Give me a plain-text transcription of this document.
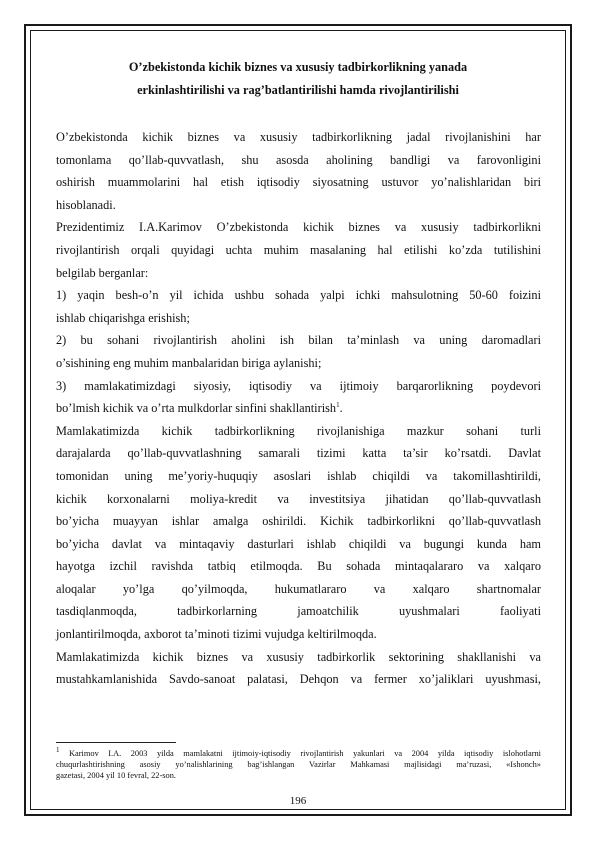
O’zbekistonda kichik biznes va xususiy tadbirkorlikning yanada
erkinlashtirilishi va rag’batlantirilishi hamda rivojlantirilishi
O’zbekistonda kichik biznes va xususiy tadbirkorlikning jadal rivojlanishini har
tomonlama qo’llab-quvvatlash, shu asosda aholining bandligi va farovonligini
oshirish muammolarini hal etish iqtisodiy siyosatning ustuvor yo’nalishlaridan biri
hisoblanadi.
Prezidentimiz I.A.Karimov O’zbekistonda kichik biznes va xususiy tadbirkorlikni
rivojlantirish orqali quyidagi uchta muhim masalaning hal etilishi ko’zda tutilishini
belgilab berganlar:
1) yaqin besh-o’n yil ichida ushbu sohada yalpi ichki mahsulotning 50-60 foizini
ishlab chiqarishga erishish;
2) bu sohani rivojlantirish aholini ish bilan ta’minlash va uning daromadlari
o’sishining eng muhim manbalaridan biriga aylanishi;
3) mamlakatimizdagi siyosiy, iqtisodiy va ijtimoiy barqarorlikning poydevori
bo’lmish kichik va o’rta mulkdorlar sinfini shakllantirish$^1$.
Mamlakatimizda kichik tadbirkorlikning rivojlanishiga mazkur sohani turli
darajalarda qo’llab-quvvatlashning samarali tizimi katta ta’sir ko’rsatdi. Davlat
tomonidan uning me’yoriy-huquqiy asoslari ishlab chiqildi va takomillashtirildi,
kichik korxonalarni moliya-kredit va investitsiya jihatidan qo’llab-quvvatlash
bo’yicha muayyan ishlar amalga oshirildi. Kichik tadbirkorlikni qo’llab-quvvatlash
bo’yicha davlat va mintaqaviy dasturlari ishlab chiqildi va bugungi kunda ham
hayotga izchil ravishda tatbiq etilmoqda. Bu sohada mintaqalararo va xalqaro
aloqalar yo’lga qo’yilmoqda, hukumatlararo va xalqaro shartnomalar
tasdiqlanmoqda, tadbirkorlarning jamoatchilik uyushmalari faoliyati
jonlantirilmoqda, axborot ta’minoti tizimi vujudga keltirilmoqda.
Mamlakatimizda kichik biznes va xususiy tadbirkorlik sektorining shakllanishi va
mustahkamlanishida Savdo-sanoat palatasi, Dehqon va fermer xo’jaliklari uyushmasi,
$^1$ Karimov I.A. 2003 yilda mamlakatni ijtimoiy-iqtisodiy rivojlantirish yakunlari va 2004 yilda iqtisodiy islohotlarni
chuqurlashtirishning asosiy yo’nalishlarining bag’ishlangan Vazirlar Mahkamasi majlisidagi ma’ruzasi, «Ishonch»
gazetasi, 2004 yil 10 fevral, 22-son.
196
